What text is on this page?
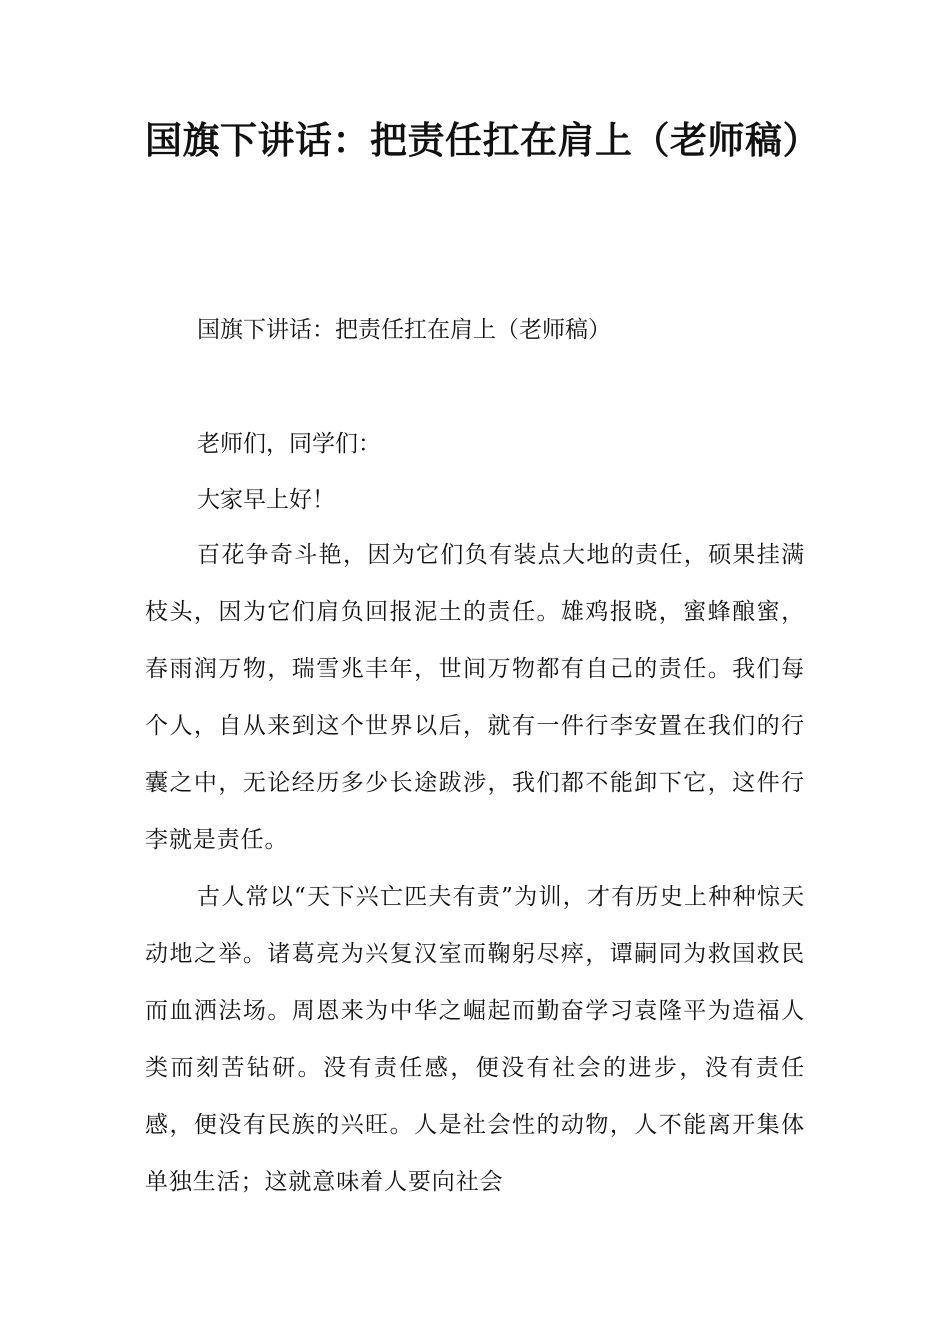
国旗下讲话：把责任扛在肩上（老师稿）

国旗下讲话：把责任扛在肩上（老师稿）

老师们，同学们：

大家早上好！

百花争奇斗艳，因为它们负有装点大地的责任，硕果挂满枝头，因为它们肩负回报泥土的责任。雄鸡报晓，蜜蜂酿蜜，春雨润万物，瑞雪兆丰年，世间万物都有自己的责任。我们每个人，自从来到这个世界以后，就有一件行李安置在我们的行囊之中，无论经历多少长途跋涉，我们都不能卸下它，这件行李就是责任。

古人常以“天下兴亡匹夫有责”为训，才有历史上种种惊天动地之举。诸葛亮为兴复汉室而鞠躬尽瘁，谭嗣同为救国救民而血洒法场。周恩来为中华之崛起而勤奋学习袁隆平为造福人类而刻苦钻研。没有责任感，便没有社会的进步，没有责任感，便没有民族的兴旺。人是社会性的动物，人不能离开集体单独生活；这就意味着人要向社会
